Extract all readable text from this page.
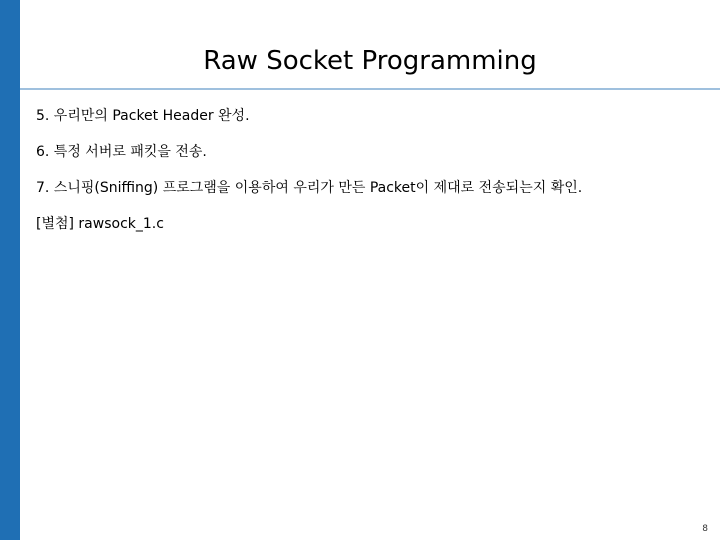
Raw Socket Programming
5. 우리만의 Packet Header 완성.
6. 특정 서버로 패킷을 전송.
7. 스니핑(Sniffing) 프로그램을 이용하여 우리가 만든 Packet이 제대로 전송되는지 확인.
[별첨] rawsock_1.c
8
